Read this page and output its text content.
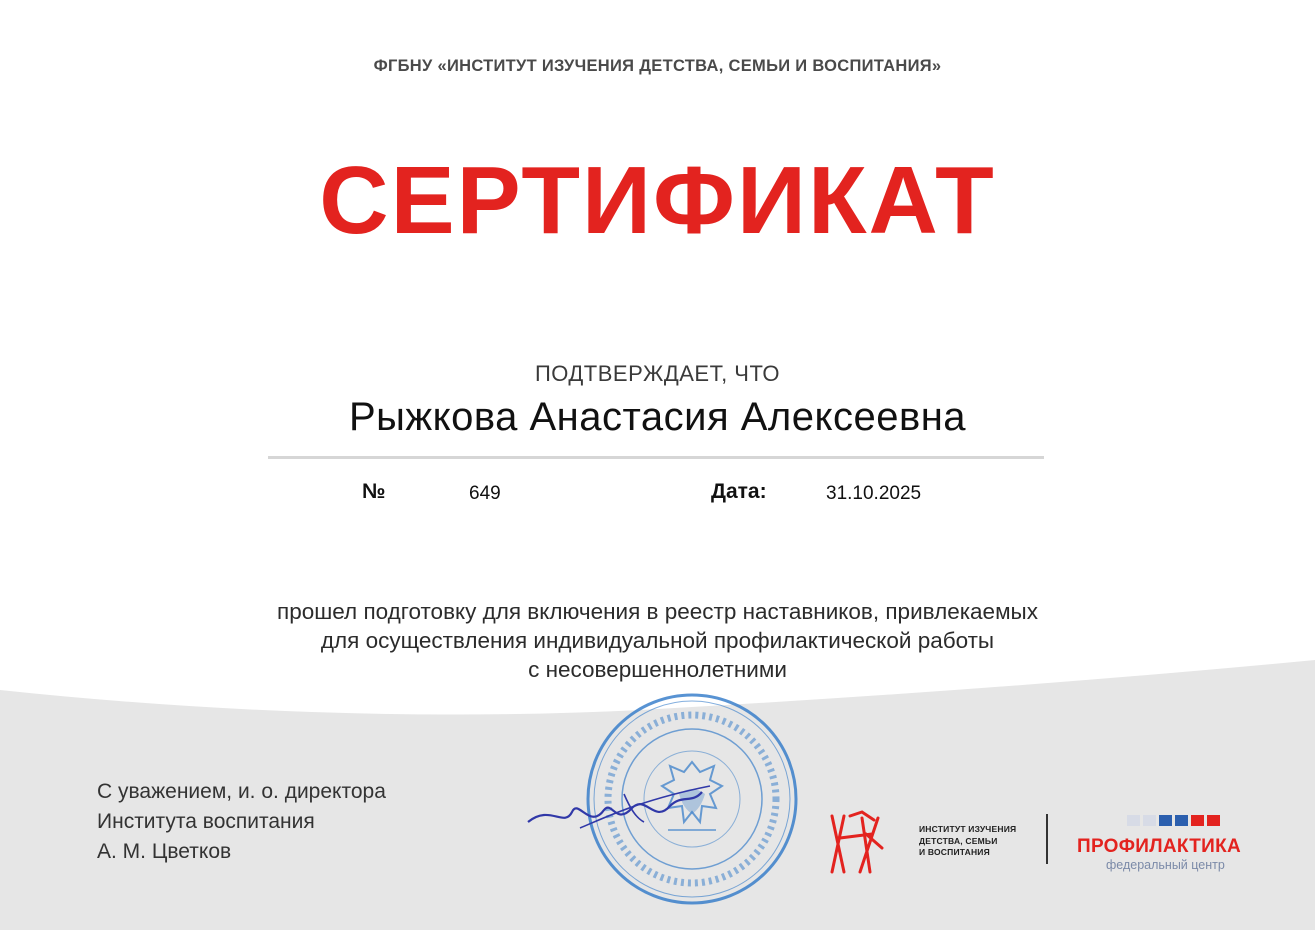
ФГБНУ «ИНСТИТУТ ИЗУЧЕНИЯ ДЕТСТВА, СЕМЬИ И ВОСПИТАНИЯ»
СЕРТИФИКАТ
ПОДТВЕРЖДАЕТ, ЧТО
Рыжкова Анастасия Алексеевна
№	649	Дата:	31.10.2025
прошел подготовку для включения в реестр наставников, привлекаемых
для осуществления индивидуальной профилактической работы
с несовершеннолетними
С уважением, и. о. директора
Института воспитания
А. М. Цветков
ИНСТИТУТ ИЗУЧЕНИЯ
ДЕТСТВА, СЕМЬИ
И ВОСПИТАНИЯ	ПРОФИЛАКТИКА
федеральный центр
